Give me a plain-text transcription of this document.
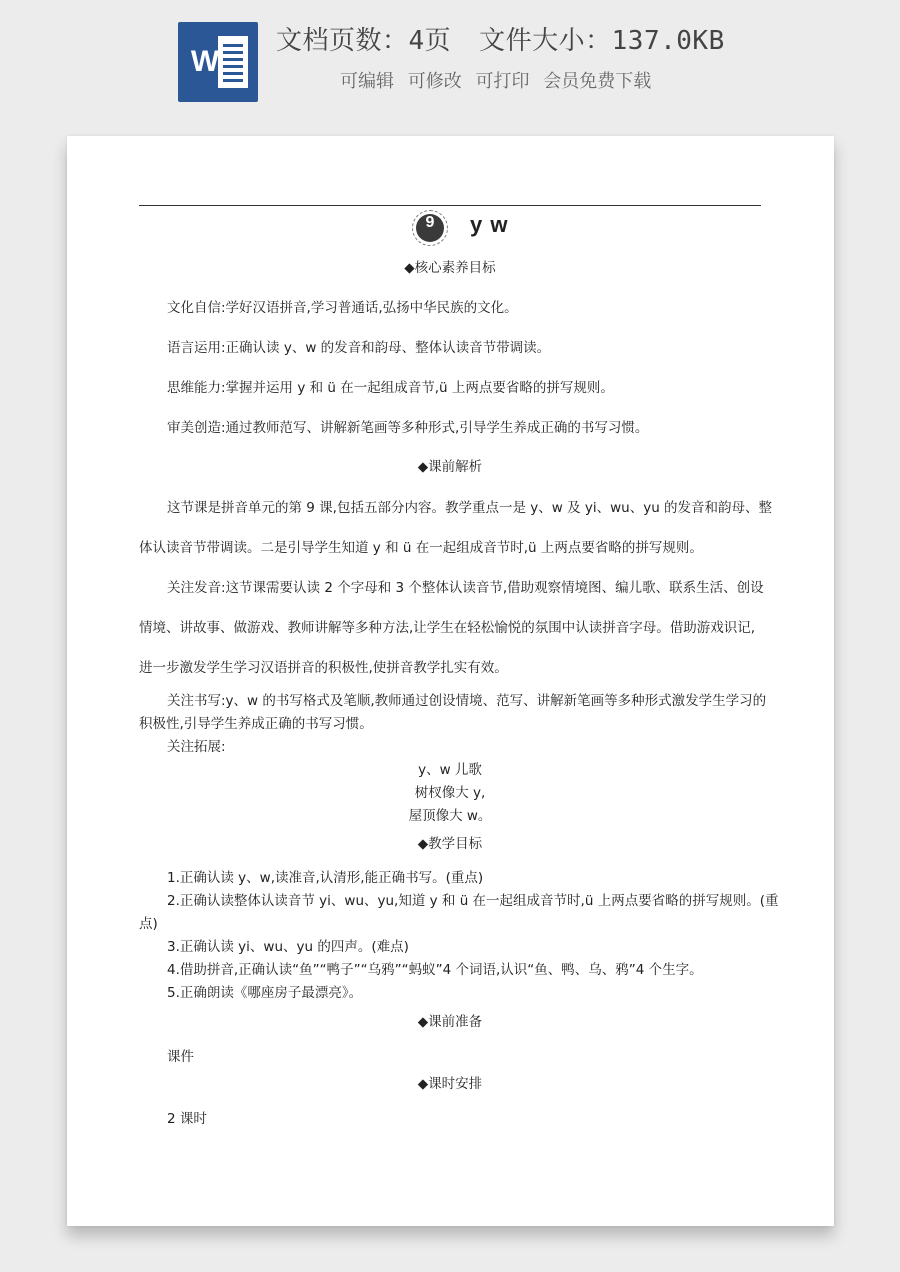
W
文档页数：4页 文件大小：137.0KB
可编辑 可修改 可打印 会员免费下载
9	y w
◆核心素养目标
文化自信:学好汉语拼音,学习普通话,弘扬中华民族的文化。
语言运用:正确认读 y、w 的发音和韵母、整体认读音节带调读。
思维能力:掌握并运用 y 和 ü 在一起组成音节,ü 上两点要省略的拼写规则。
审美创造:通过教师范写、讲解新笔画等多种形式,引导学生养成正确的书写习惯。
◆课前解析
这节课是拼音单元的第 9 课,包括五部分内容。教学重点一是 y、w 及 yi、wu、yu 的发音和韵母、整
体认读音节带调读。二是引导学生知道 y 和 ü 在一起组成音节时,ü 上两点要省略的拼写规则。
关注发音:这节课需要认读 2 个字母和 3 个整体认读音节,借助观察情境图、编儿歌、联系生活、创设
情境、讲故事、做游戏、教师讲解等多种方法,让学生在轻松愉悦的氛围中认读拼音字母。借助游戏识记,
进一步激发学生学习汉语拼音的积极性,使拼音教学扎实有效。
关注书写:y、w 的书写格式及笔顺,教师通过创设情境、范写、讲解新笔画等多种形式激发学生学习的
积极性,引导学生养成正确的书写习惯。
关注拓展:
y、w 儿歌
树杈像大 y,
屋顶像大 w。
◆教学目标
1.正确认读 y、w,读准音,认清形,能正确书写。(重点)
2.正确认读整体认读音节 yi、wu、yu,知道 y 和 ü 在一起组成音节时,ü 上两点要省略的拼写规则。(重
点)
3.正确认读 yi、wu、yu 的四声。(难点)
4.借助拼音,正确认读“鱼”“鸭子”“乌鸦”“蚂蚁”4 个词语,认识“鱼、鸭、乌、鸦”4 个生字。
5.正确朗读《哪座房子最漂亮》。
◆课前准备
课件
◆课时安排
2 课时
